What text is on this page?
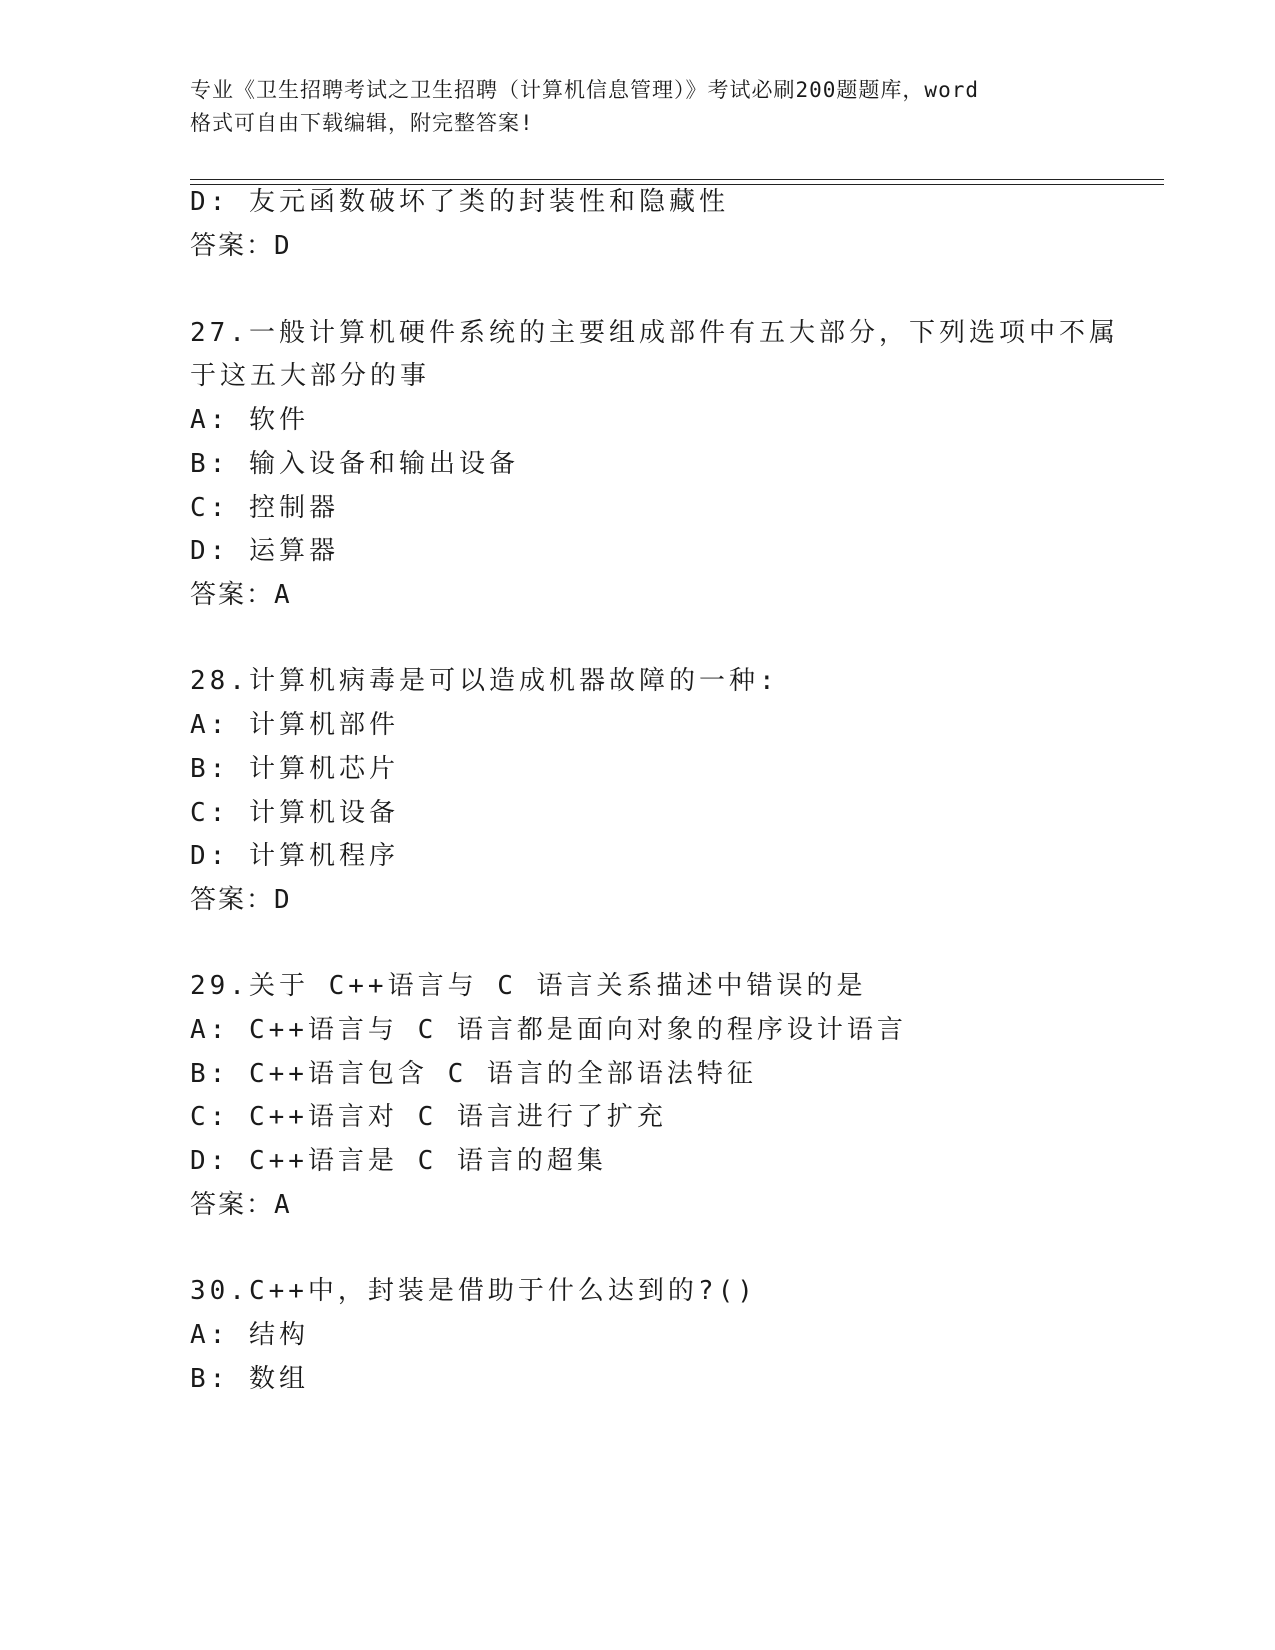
专业《卫生招聘考试之卫生招聘（计算机信息管理）》考试必刷200题题库，word
格式可自由下载编辑，附完整答案!
D: 友元函数破坏了类的封装性和隐藏性
答案：D
27.一般计算机硬件系统的主要组成部件有五大部分，下列选项中不属
于这五大部分的事
A: 软件
B: 输入设备和输出设备
C: 控制器
D: 运算器
答案：A
28.计算机病毒是可以造成机器故障的一种:
A: 计算机部件
B: 计算机芯片
C: 计算机设备
D: 计算机程序
答案：D
29.关于 C++语言与 C 语言关系描述中错误的是
A: C++语言与 C 语言都是面向对象的程序设计语言
B: C++语言包含 C 语言的全部语法特征
C: C++语言对 C 语言进行了扩充
D: C++语言是 C 语言的超集
答案：A
30.C++中，封装是借助于什么达到的?()
A: 结构
B: 数组
